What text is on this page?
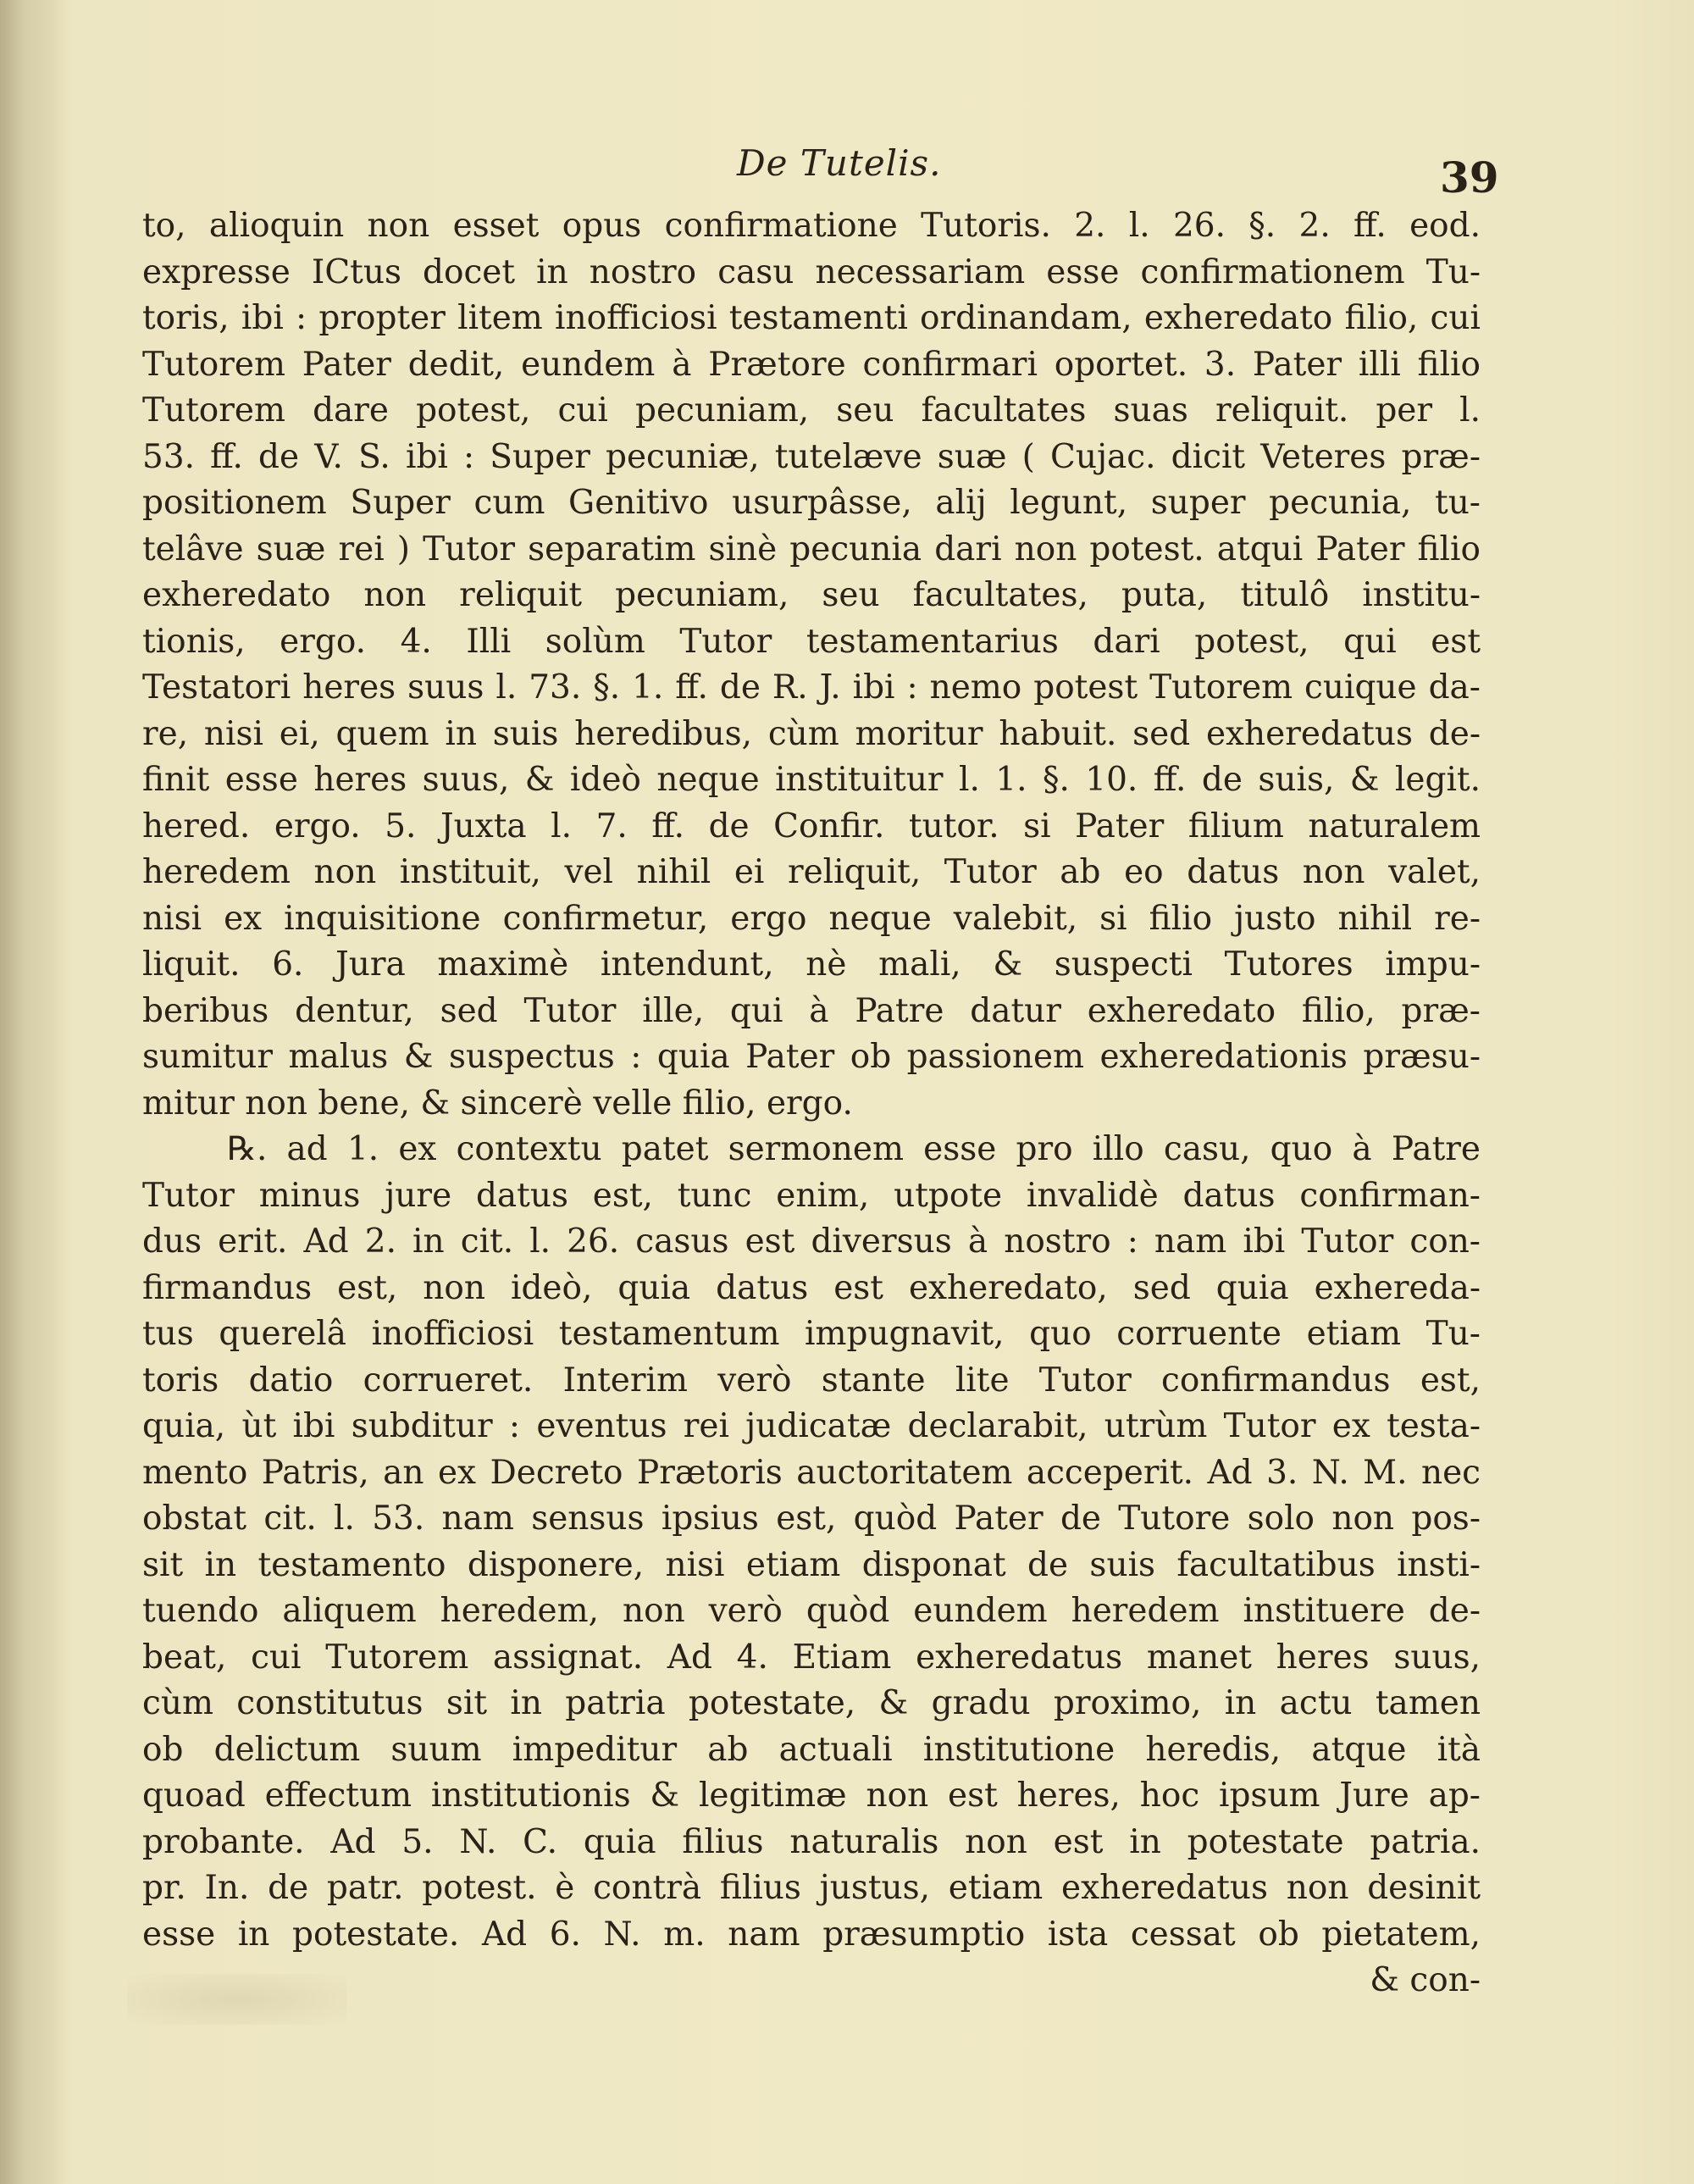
De Tutelis.	39
to, alioquin non esset opus confirmatione Tutoris. 2. l. 26. §. 2. ff. eod.
expresse ICtus docet in nostro casu necessariam esse confirmationem Tu-
toris, ibi : propter litem inofficiosi testamenti ordinandam, exheredato filio, cui
Tutorem Pater dedit, eundem à Prætore confirmari oportet. 3. Pater illi filio
Tutorem dare potest, cui pecuniam, seu facultates suas reliquit. per l.
53. ff. de V. S. ibi : Super pecuniæ, tutelæve suæ ( Cujac. dicit Veteres præ-
positionem Super cum Genitivo usurpâsse, alij legunt, super pecunia, tu-
telâve suæ rei ) Tutor separatim sinè pecunia dari non potest. atqui Pater filio
exheredato non reliquit pecuniam, seu facultates, puta, titulô institu-
tionis, ergo. 4. Illi solùm Tutor testamentarius dari potest, qui est
Testatori heres suus l. 73. §. 1. ff. de R. J. ibi : nemo potest Tutorem cuique da-
re, nisi ei, quem in suis heredibus, cùm moritur habuit. sed exheredatus de-
finit esse heres suus, & ideò neque instituitur l. 1. §. 10. ff. de suis, & legit.
hered. ergo. 5. Juxta l. 7. ff. de Confir. tutor. si Pater filium naturalem
heredem non instituit, vel nihil ei reliquit, Tutor ab eo datus non valet,
nisi ex inquisitione confirmetur, ergo neque valebit, si filio justo nihil re-
liquit. 6. Jura maximè intendunt, nè mali, & suspecti Tutores impu-
beribus dentur, sed Tutor ille, qui à Patre datur exheredato filio, præ-
sumitur malus & suspectus : quia Pater ob passionem exheredationis præsu-
mitur non bene, & sincerè velle filio, ergo.
℞. ad 1. ex contextu patet sermonem esse pro illo casu, quo à Patre
Tutor minus jure datus est, tunc enim, utpote invalidè datus confirman-
dus erit. Ad 2. in cit. l. 26. casus est diversus à nostro : nam ibi Tutor con-
firmandus est, non ideò, quia datus est exheredato, sed quia exhereda-
tus querelâ inofficiosi testamentum impugnavit, quo corruente etiam Tu-
toris datio corrueret. Interim verò stante lite Tutor confirmandus est,
quia, ùt ibi subditur : eventus rei judicatæ declarabit, utrùm Tutor ex testa-
mento Patris, an ex Decreto Prætoris auctoritatem acceperit. Ad 3. N. M. nec
obstat cit. l. 53. nam sensus ipsius est, quòd Pater de Tutore solo non pos-
sit in testamento disponere, nisi etiam disponat de suis facultatibus insti-
tuendo aliquem heredem, non verò quòd eundem heredem instituere de-
beat, cui Tutorem assignat. Ad 4. Etiam exheredatus manet heres suus,
cùm constitutus sit in patria potestate, & gradu proximo, in actu tamen
ob delictum suum impeditur ab actuali institutione heredis, atque ità
quoad effectum institutionis & legitimæ non est heres, hoc ipsum Jure ap-
probante. Ad 5. N. C. quia filius naturalis non est in potestate patria.
pr. In. de patr. potest. è contrà filius justus, etiam exheredatus non desinit
esse in potestate. Ad 6. N. m. nam præsumptio ista cessat ob pietatem,
& con-
